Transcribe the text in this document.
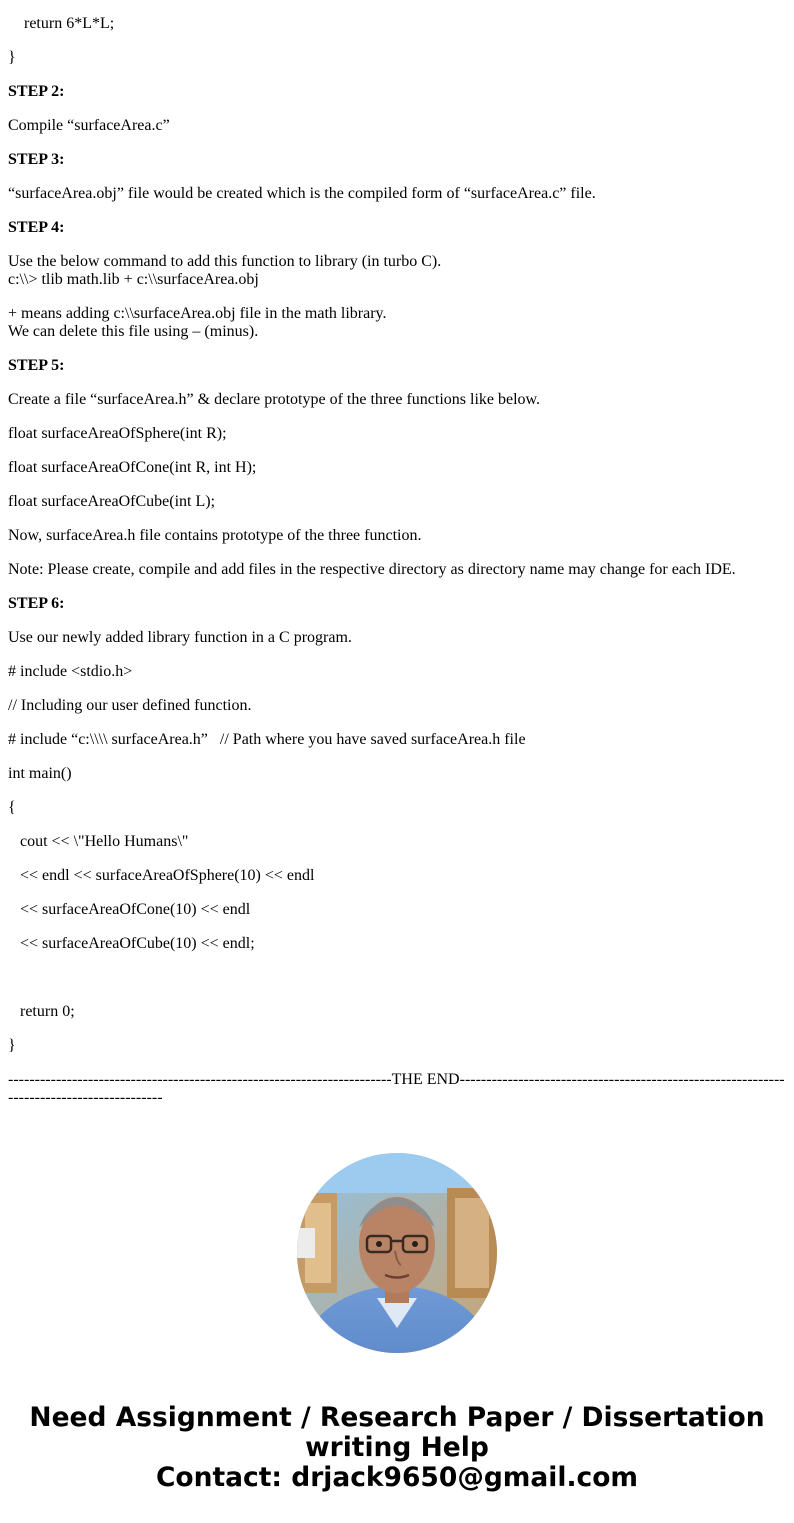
return 6*L*L;
}
STEP 2:
Compile “surfaceArea.c”
STEP 3:
“surfaceArea.obj” file would be created which is the compiled form of “surfaceArea.c” file.
STEP 4:
Use the below command to add this function to library (in turbo C).
c:\\> tlib math.lib + c:\\surfaceArea.obj
+ means adding c:\\surfaceArea.obj file in the math library.
We can delete this file using – (minus).
STEP 5:
Create a file “surfaceArea.h” & declare prototype of the three functions like below.
float surfaceAreaOfSphere(int R);
float surfaceAreaOfCone(int R, int H);
float surfaceAreaOfCube(int L);
Now, surfaceArea.h file contains prototype of the three function.
Note: Please create, compile and add files in the respective directory as directory name may change for each IDE.
STEP 6:
Use our newly added library function in a C program.
# include <stdio.h>
// Including our user defined function.
# include “c:\\\\ surfaceArea.h”   // Path where you have saved surfaceArea.h file
int main()
{
cout << \"Hello Humans\"
<< endl << surfaceAreaOfSphere(10) << endl
<< surfaceAreaOfCone(10) << endl
<< surfaceAreaOfCube(10) << endl;
return 0;
}
------------------------------------------------------------------------THE END------------------------------------------------------------------------------------------
Need Assignment / Research Paper / Dissertation
writing Help
Contact: drjack9650@gmail.com
